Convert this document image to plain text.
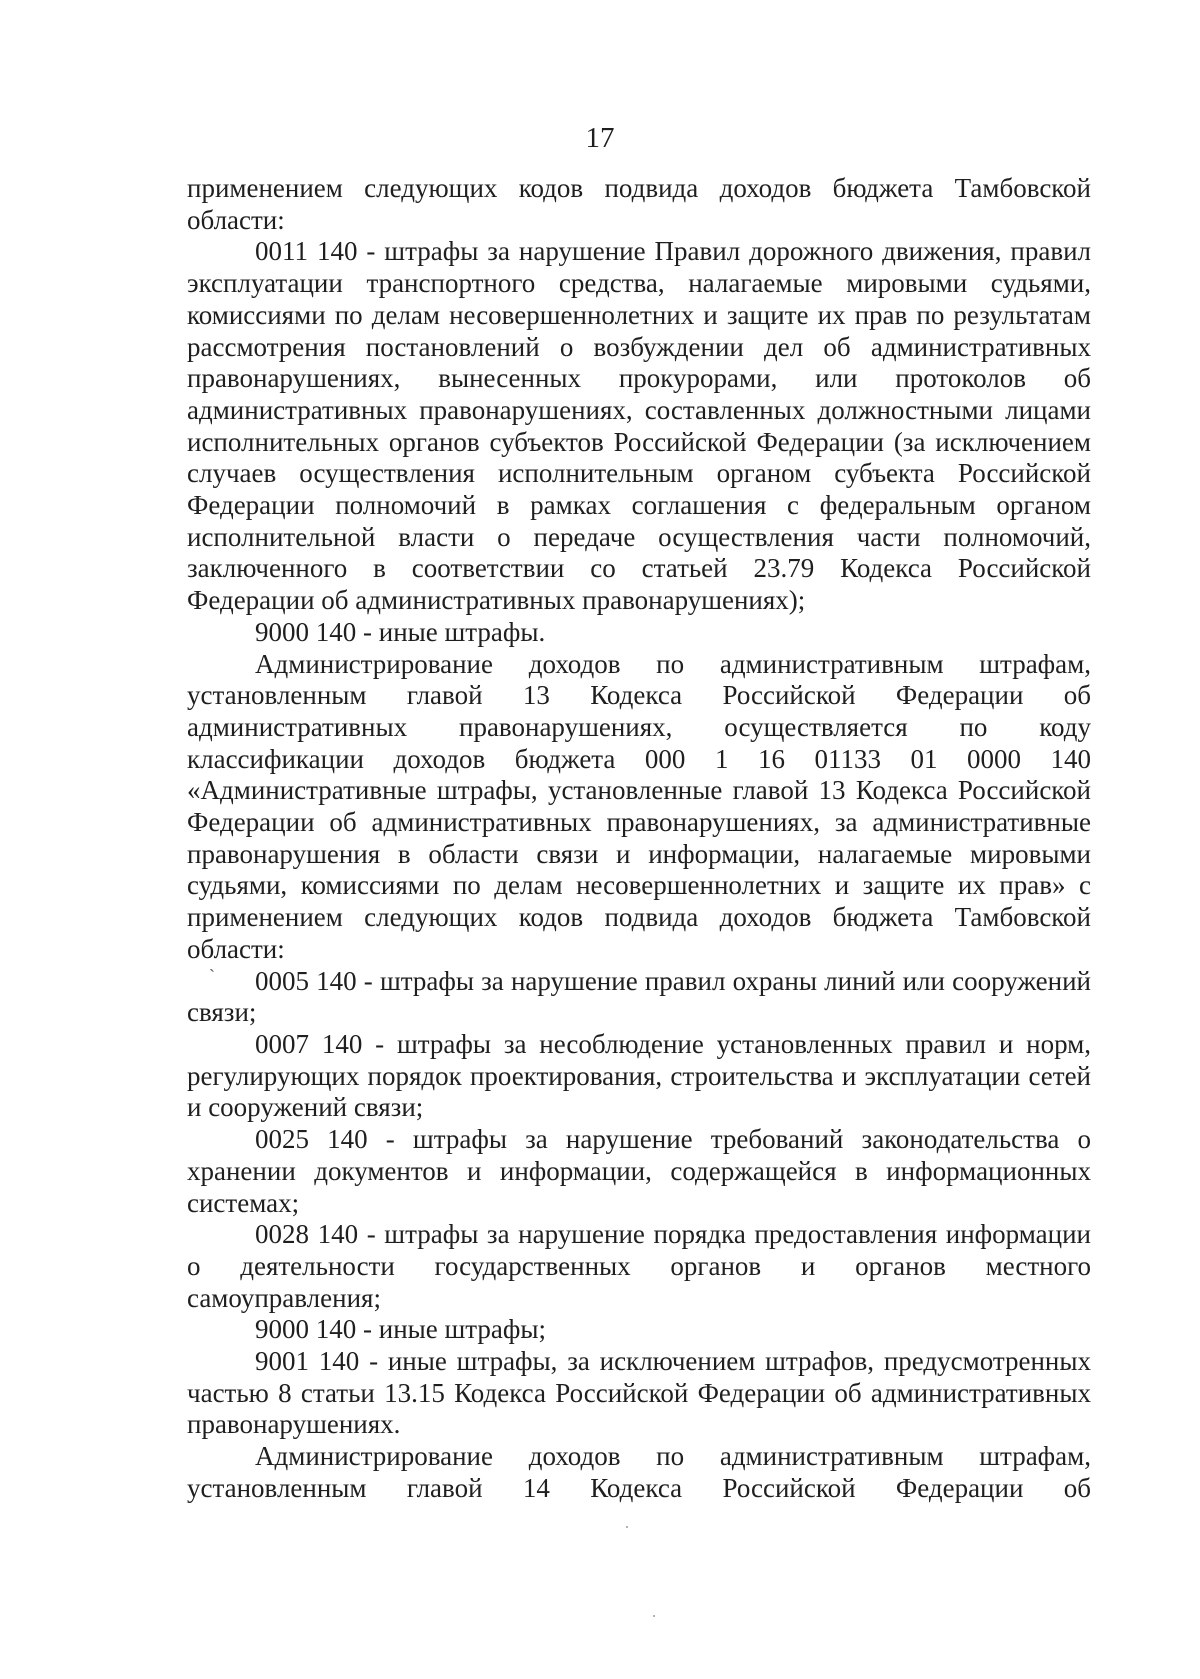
17

применением следующих кодов подвида доходов бюджета Тамбовской области:

0011 140 - штрафы за нарушение Правил дорожного движения, правил эксплуатации транспортного средства, налагаемые мировыми судьями, комиссиями по делам несовершеннолетних и защите их прав по результатам рассмотрения постановлений о возбуждении дел об административных правонарушениях, вынесенных прокурорами, или протоколов об административных правонарушениях, составленных должностными лицами исполнительных органов субъектов Российской Федерации (за исключением случаев осуществления исполнительным органом субъекта Российской Федерации полномочий в рамках соглашения с федеральным органом исполнительной власти о передаче осуществления части полномочий, заключенного в соответствии со статьей 23.79 Кодекса Российской Федерации об административных правонарушениях);

9000 140 - иные штрафы.

Администрирование доходов по административным штрафам, установленным главой 13 Кодекса Российской Федерации об административных правонарушениях, осуществляется по коду классификации доходов бюджета 000 1 16 01133 01 0000 140 «Административные штрафы, установленные главой 13 Кодекса Российской Федерации об административных правонарушениях, за административные правонарушения в области связи и информации, налагаемые мировыми судьями, комиссиями по делам несовершеннолетних и защите их прав» с применением следующих кодов подвида доходов бюджета Тамбовской области:

0005 140 - штрафы за нарушение правил охраны линий или сооружений связи;

0007 140 - штрафы за несоблюдение установленных правил и норм, регулирующих порядок проектирования, строительства и эксплуатации сетей и сооружений связи;

0025 140 - штрафы за нарушение требований законодательства о хранении документов и информации, содержащейся в информационных системах;

0028 140 - штрафы за нарушение порядка предоставления информации о деятельности государственных органов и органов местного самоуправления;

9000 140 - иные штрафы;

9001 140 - иные штрафы, за исключением штрафов, предусмотренных частью 8 статьи 13.15 Кодекса Российской Федерации об административных правонарушениях.

Администрирование доходов по административным штрафам, установленным главой 14 Кодекса Российской Федерации об

ˋ
